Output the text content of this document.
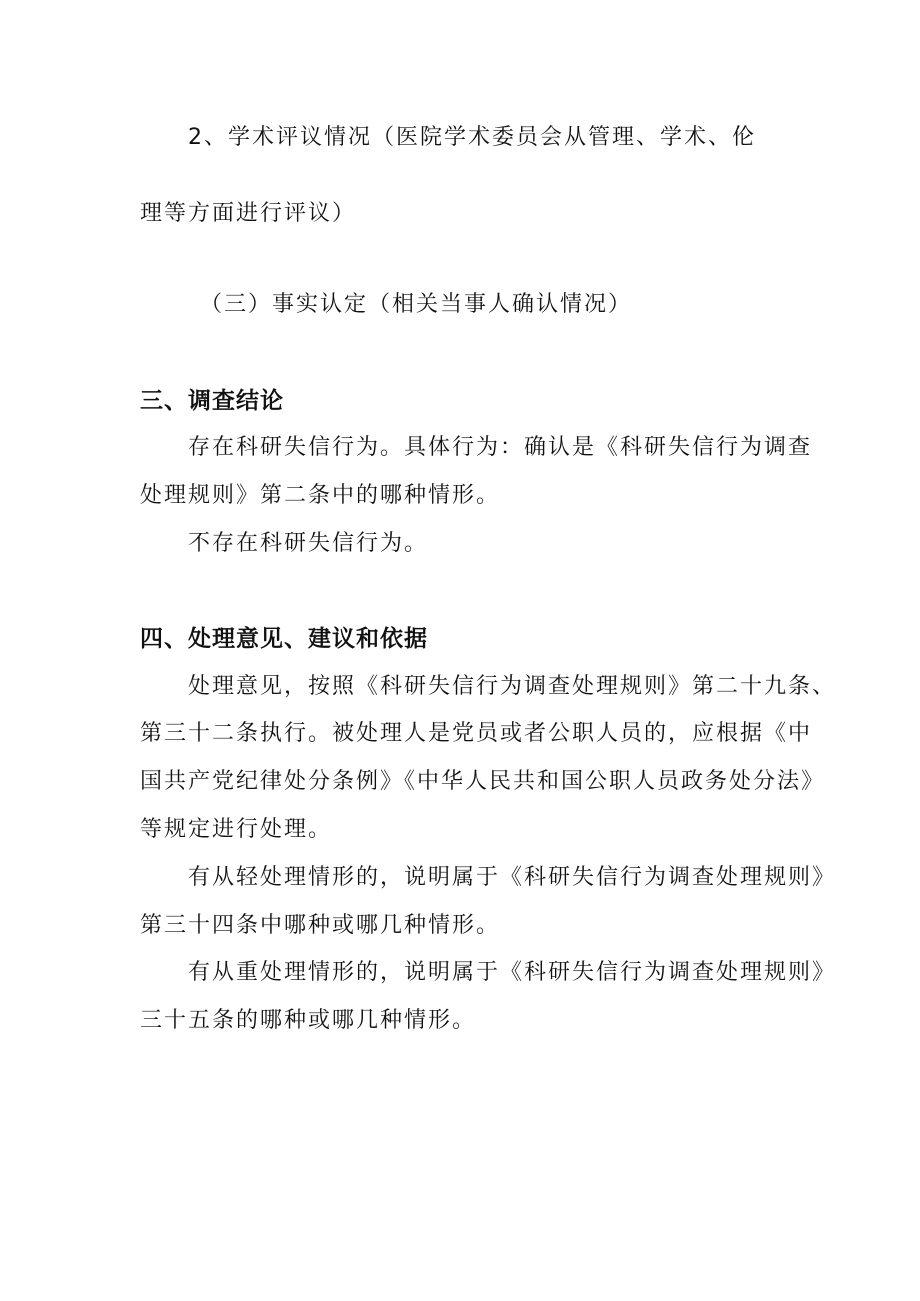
2、学术评议情况（医院学术委员会从管理、学术、伦
理等方面进行评议）
（三）事实认定（相关当事人确认情况）
三、调查结论
存在科研失信行为。具体行为：确认是《科研失信行为调查
处理规则》第二条中的哪种情形。
不存在科研失信行为。
四、处理意见、建议和依据
处理意见，按照《科研失信行为调查处理规则》第二十九条、
第三十二条执行。被处理人是党员或者公职人员的，应根据《中
国共产党纪律处分条例》《中华人民共和国公职人员政务处分法》
等规定进行处理。
有从轻处理情形的，说明属于《科研失信行为调查处理规则》
第三十四条中哪种或哪几种情形。
有从重处理情形的，说明属于《科研失信行为调查处理规则》
三十五条的哪种或哪几种情形。
